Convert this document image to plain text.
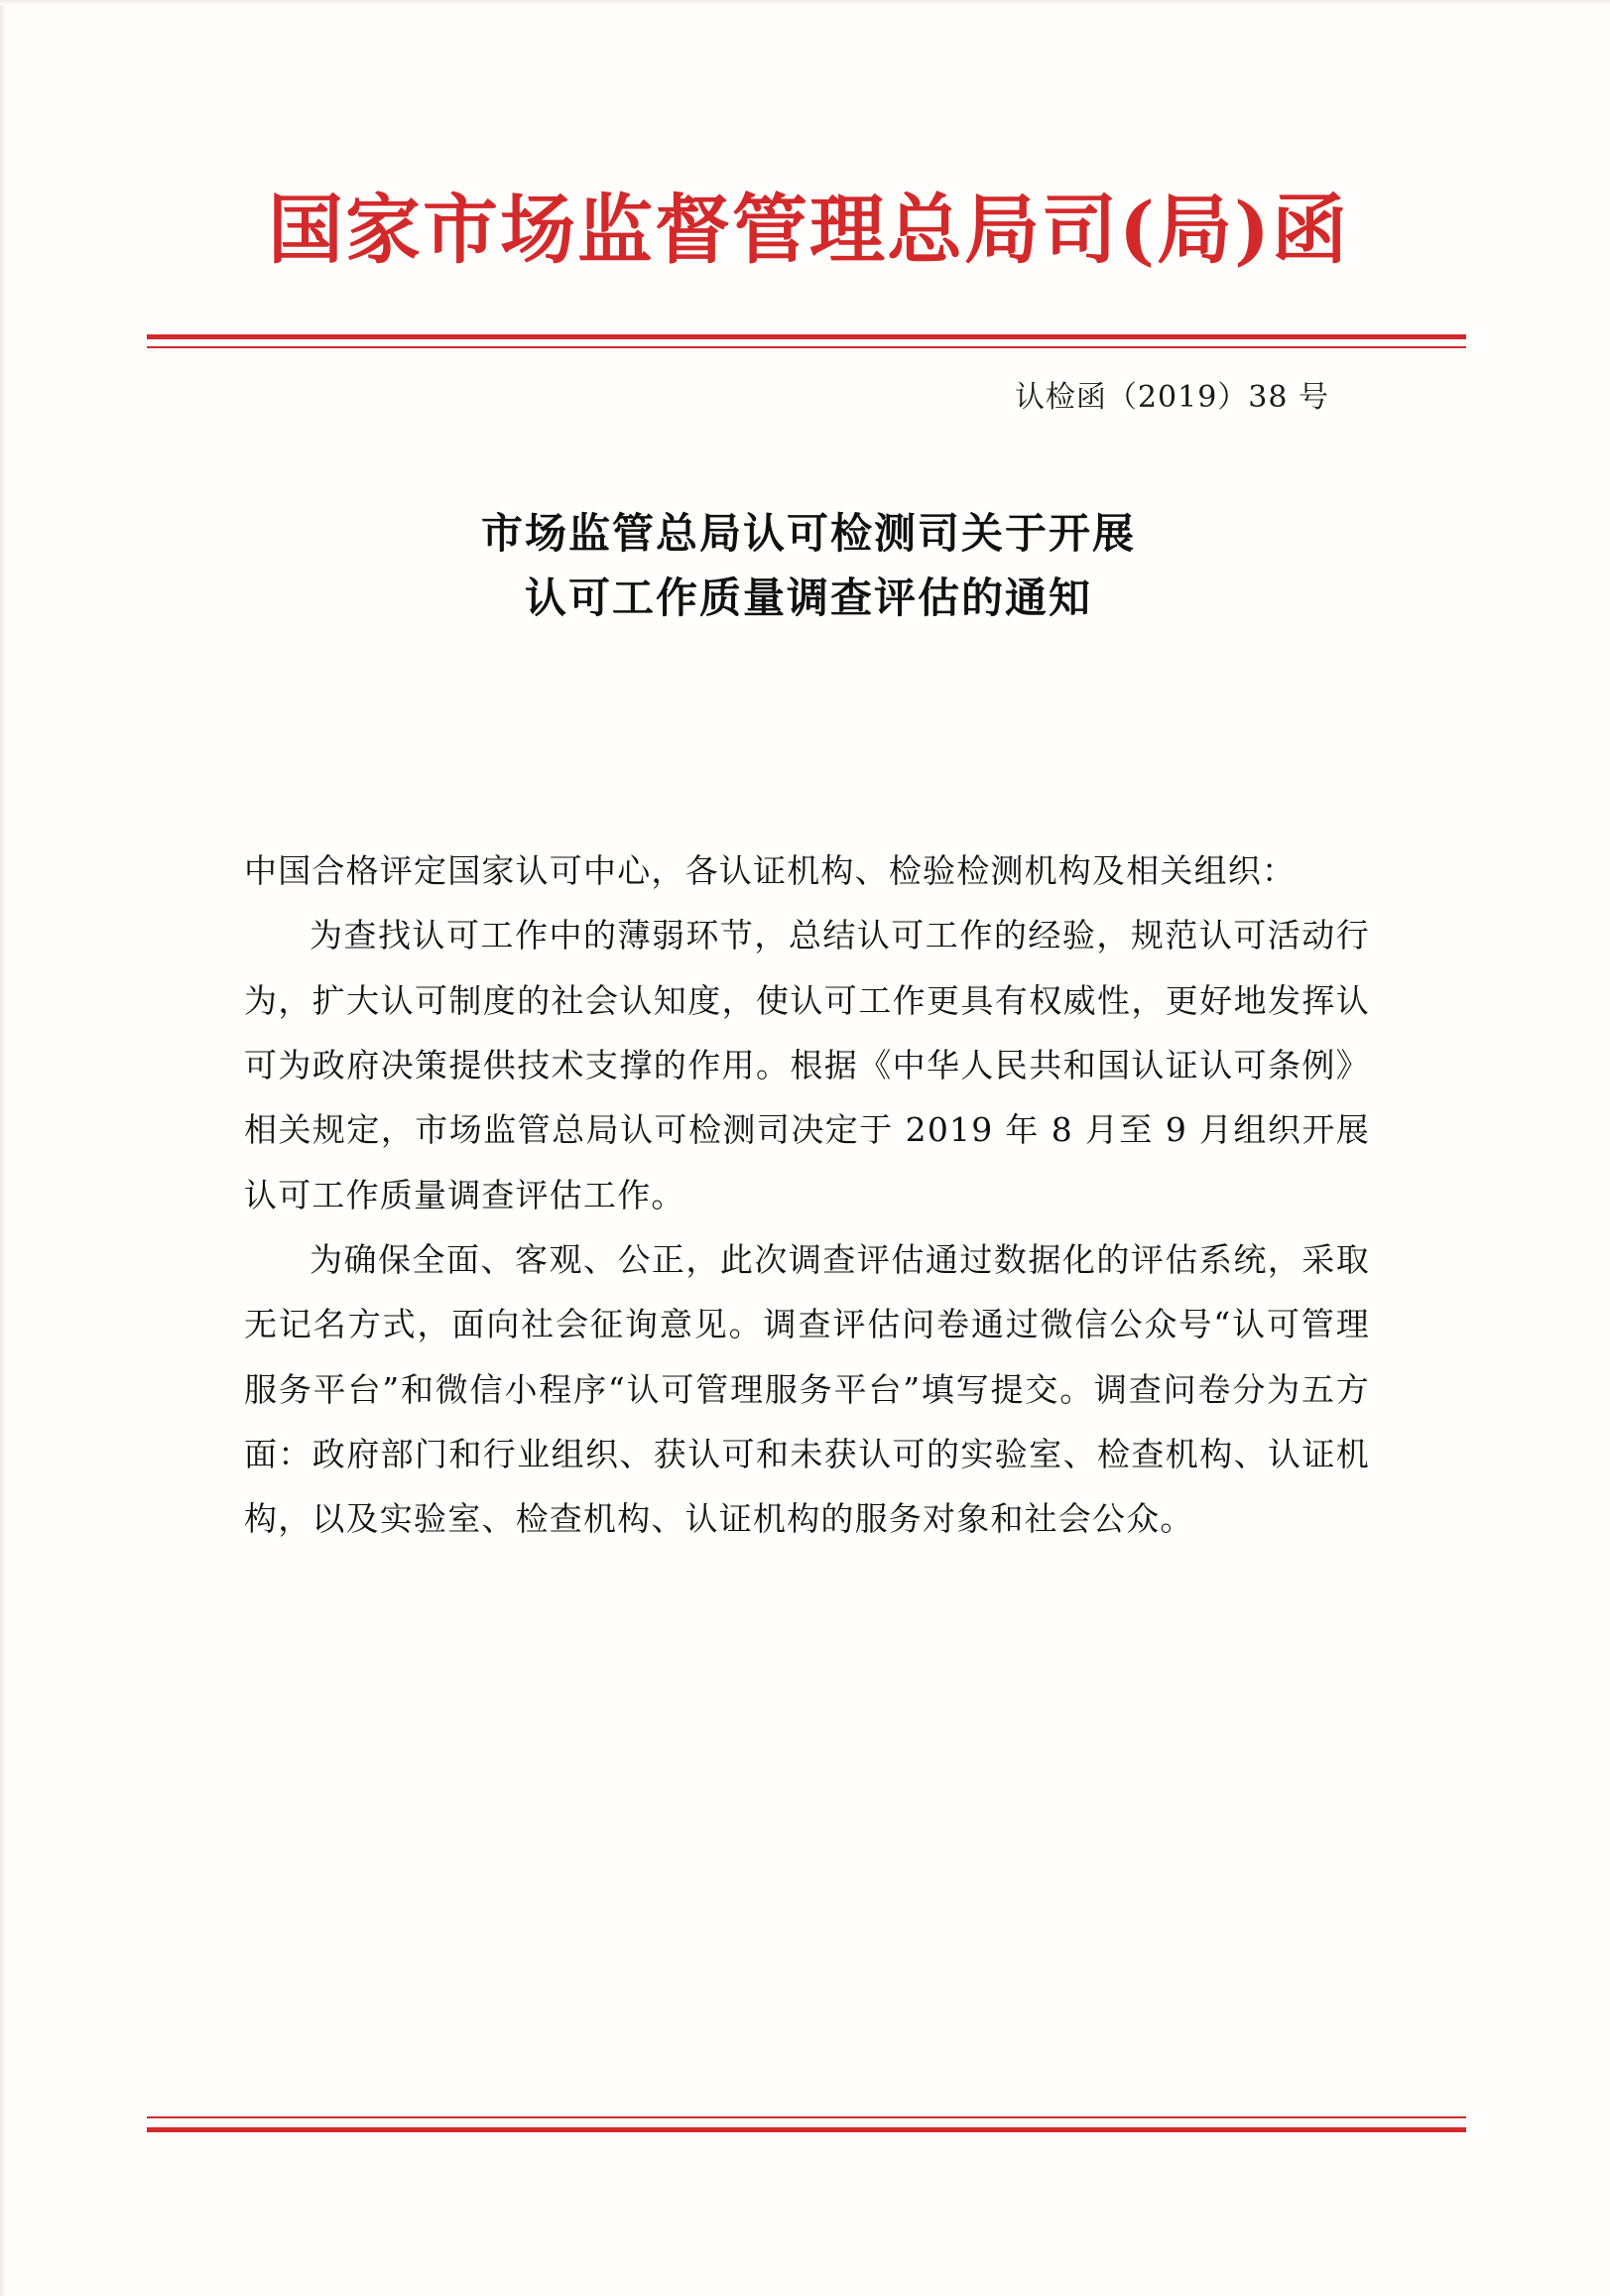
国家市场监督管理总局司(局)函
认检函（2019）38 号
市场监管总局认可检测司关于开展
认可工作质量调查评估的通知

中国合格评定国家认可中心，各认证机构、检验检测机构及相关组织：

为查找认可工作中的薄弱环节，总结认可工作的经验，规范认可活动行为，扩大认可制度的社会认知度，使认可工作更具有权威性，更好地发挥认可为政府决策提供技术支撑的作用。根据《中华人民共和国认证认可条例》相关规定，市场监管总局认可检测司决定于 2019 年 8 月至 9 月组织开展认可工作质量调查评估工作。

为确保全面、客观、公正，此次调查评估通过数据化的评估系统，采取无记名方式，面向社会征询意见。调查评估问卷通过微信公众号“认可管理服务平台”和微信小程序“认可管理服务平台”填写提交。调查问卷分为五方面：政府部门和行业组织、获认可和未获认可的实验室、检查机构、认证机构，以及实验室、检查机构、认证机构的服务对象和社会公众。
